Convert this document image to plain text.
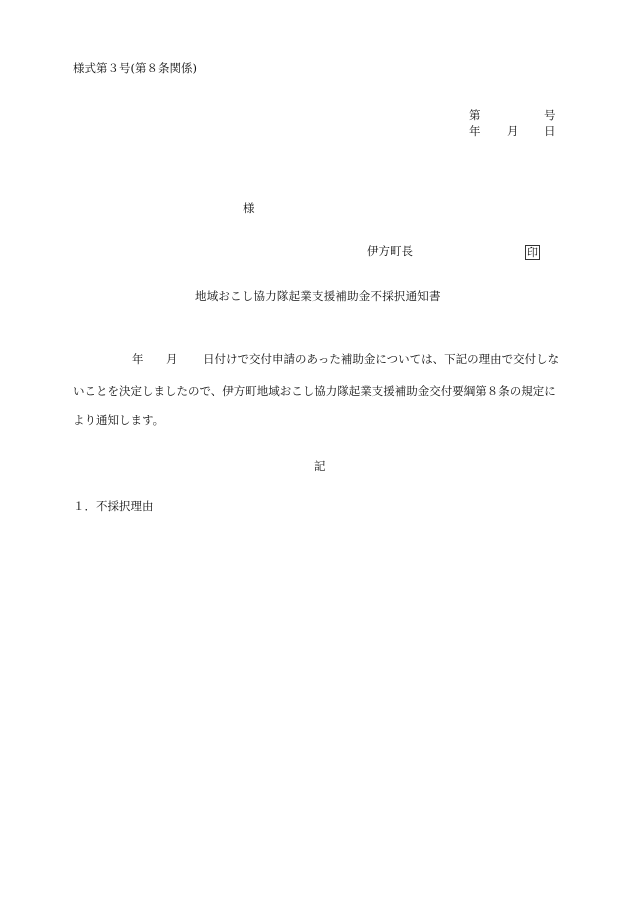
様式第３号(第８条関係)
第	号
年 月 日
様
伊方町長	印
地域おこし協力隊起業支援補助金不採択通知書
年 月 日付けで交付申請のあった補助金については、下記の理由で交付しな
いことを決定しましたので、伊方町地域おこし協力隊起業支援補助金交付要綱第８条の規定に
より通知します。
記
１．不採択理由
